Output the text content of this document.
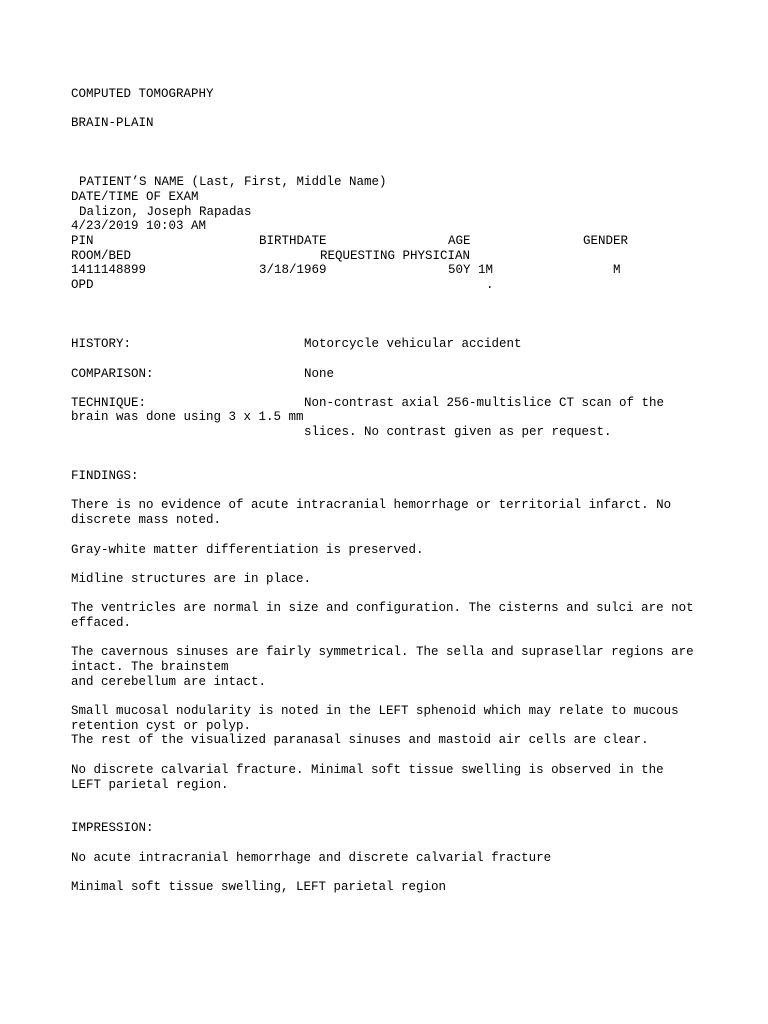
COMPUTED TOMOGRAPHY
BRAIN-PLAIN
PATIENT’S NAME (Last, First, Middle Name)
DATE/TIME OF EXAM
Dalizon, Joseph Rapadas
4/23/2019 10:03 AM
PIN	BIRTHDATE	AGE	GENDER
ROOM/BED	REQUESTING PHYSICIAN
1411148899	3/18/1969	50Y 1M	M
OPD	.
HISTORY:	Motorcycle vehicular accident
COMPARISON:	None
TECHNIQUE:	Non-contrast axial 256-multislice CT scan of the
brain was done using 3 x 1.5 mm
slices. No contrast given as per request.
FINDINGS:
There is no evidence of acute intracranial hemorrhage or territorial infarct. No
discrete mass noted.
Gray-white matter differentiation is preserved.
Midline structures are in place.
The ventricles are normal in size and configuration. The cisterns and sulci are not
effaced.
The cavernous sinuses are fairly symmetrical. The sella and suprasellar regions are
intact. The brainstem
and cerebellum are intact.
Small mucosal nodularity is noted in the LEFT sphenoid which may relate to mucous
retention cyst or polyp.
The rest of the visualized paranasal sinuses and mastoid air cells are clear.
No discrete calvarial fracture. Minimal soft tissue swelling is observed in the
LEFT parietal region.
IMPRESSION:
No acute intracranial hemorrhage and discrete calvarial fracture
Minimal soft tissue swelling, LEFT parietal region
